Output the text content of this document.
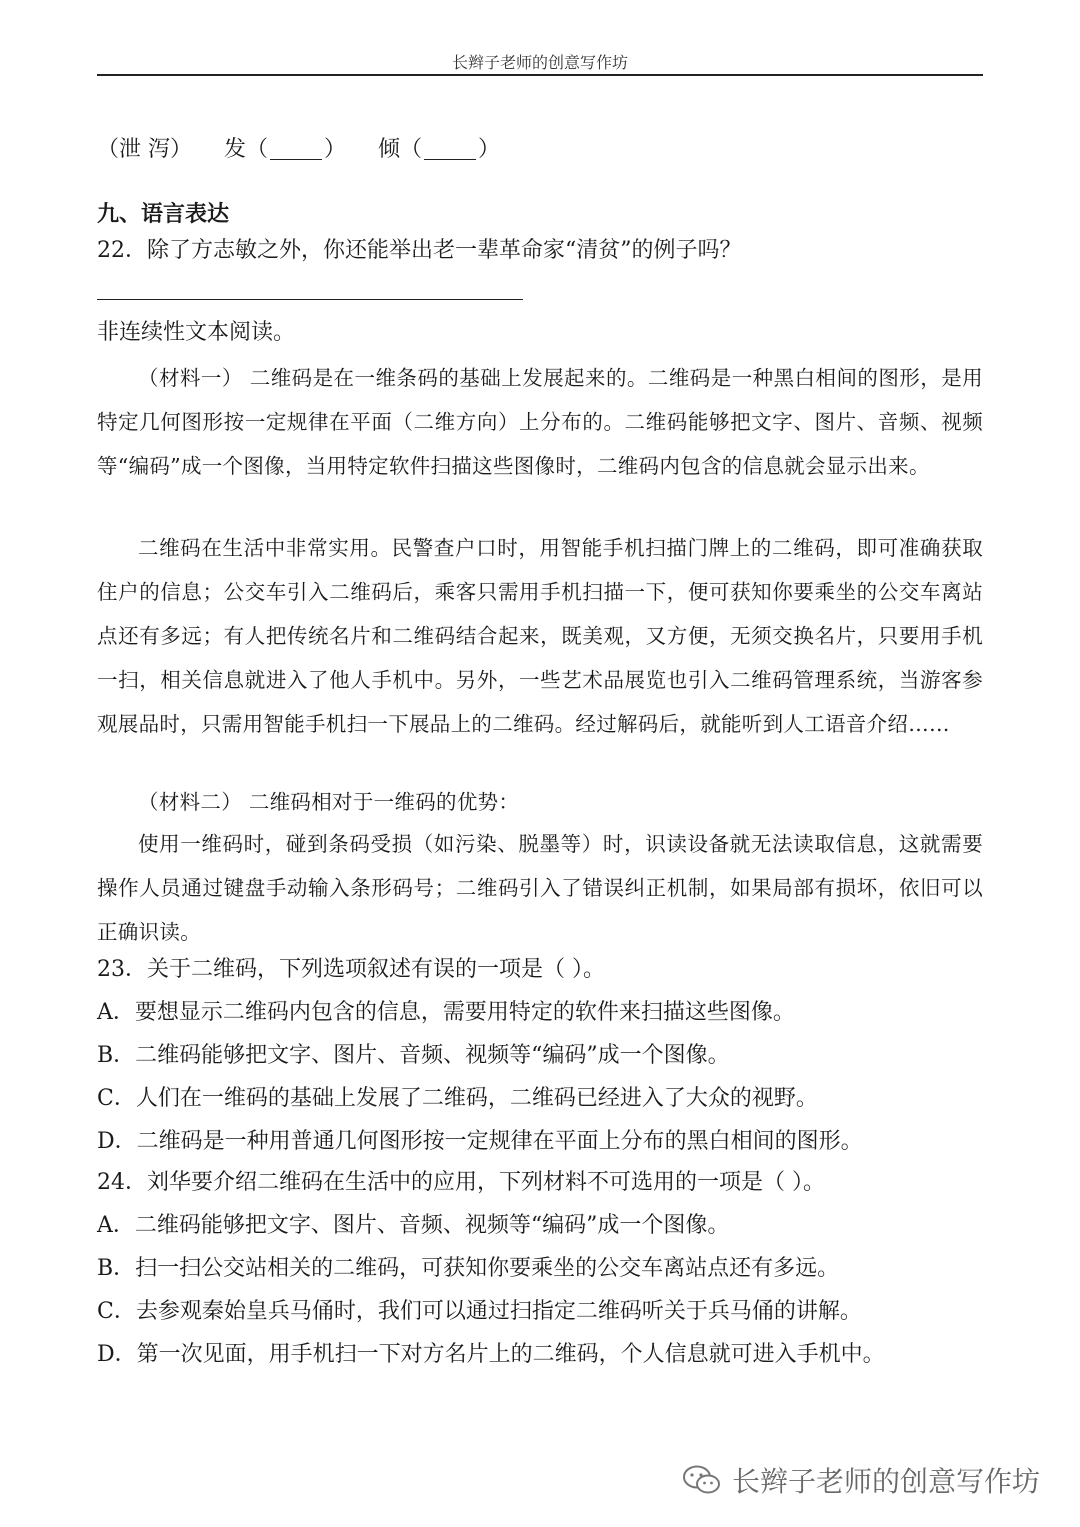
长辫子老师的创意写作坊
（泄 泻） 发（	） 倾（	）
九、语言表达
22．除了方志敏之外，你还能举出老一辈革命家“清贫”的例子吗？
非连续性文本阅读。
（材料一） 二维码是在一维条码的基础上发展起来的。二维码是一种黑白相间的图形，是用特定几何图形按一定规律在平面（二维方向）上分布的。二维码能够把文字、图片、音频、视频等“编码”成一个图像，当用特定软件扫描这些图像时，二维码内包含的信息就会显示出来。
二维码在生活中非常实用。民警查户口时，用智能手机扫描门牌上的二维码，即可准确获取住户的信息；公交车引入二维码后，乘客只需用手机扫描一下，便可获知你要乘坐的公交车离站点还有多远；有人把传统名片和二维码结合起来，既美观，又方便，无须交换名片，只要用手机一扫，相关信息就进入了他人手机中。另外，一些艺术品展览也引入二维码管理系统，当游客参观展品时，只需用智能手机扫一下展品上的二维码。经过解码后，就能听到人工语音介绍……
（材料二） 二维码相对于一维码的优势：
使用一维码时，碰到条码受损（如污染、脱墨等）时，识读设备就无法读取信息，这就需要操作人员通过键盘手动输入条形码号；二维码引入了错误纠正机制，如果局部有损坏，依旧可以正确识读。
23．关于二维码，下列选项叙述有误的一项是（ ）。
A．要想显示二维码内包含的信息，需要用特定的软件来扫描这些图像。
B．二维码能够把文字、图片、音频、视频等“编码”成一个图像。
C．人们在一维码的基础上发展了二维码，二维码已经进入了大众的视野。
D．二维码是一种用普通几何图形按一定规律在平面上分布的黑白相间的图形。
24．刘华要介绍二维码在生活中的应用，下列材料不可选用的一项是（ ）。
A．二维码能够把文字、图片、音频、视频等“编码”成一个图像。
B．扫一扫公交站相关的二维码，可获知你要乘坐的公交车离站点还有多远。
C．去参观秦始皇兵马俑时，我们可以通过扫指定二维码听关于兵马俑的讲解。
D．第一次见面，用手机扫一下对方名片上的二维码，个人信息就可进入手机中。
长辫子老师的创意写作坊
